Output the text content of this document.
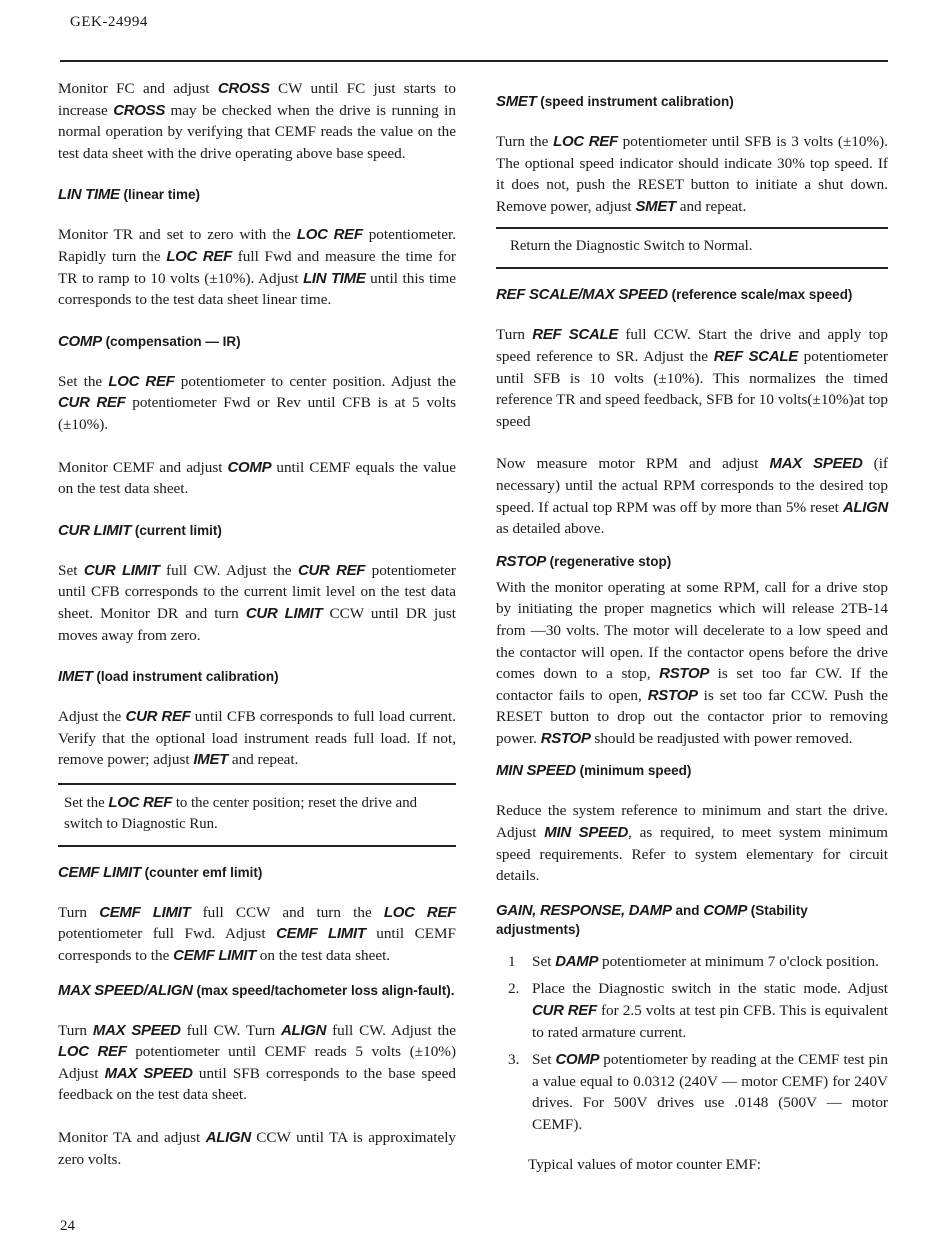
GEK-24994

Monitor FC and adjust CROSS CW until FC just starts to increase CROSS may be checked when the drive is running in normal operation by verifying that CEMF reads the value on the test data sheet with the drive operating above base speed.

LIN TIME (linear time)

Monitor TR and set to zero with the LOC REF potentiometer. Rapidly turn the LOC REF full Fwd and measure the time for TR to ramp to 10 volts (±10%). Adjust LIN TIME until this time corresponds to the test data sheet linear time.

COMP (compensation — IR)

Set the LOC REF potentiometer to center position. Adjust the CUR REF potentiometer Fwd or Rev until CFB is at 5 volts (±10%).

Monitor CEMF and adjust COMP until CEMF equals the value on the test data sheet.

CUR LIMIT (current limit)

Set CUR LIMIT full CW. Adjust the CUR REF potentiometer until CFB corresponds to the current limit level on the test data sheet. Monitor DR and turn CUR LIMIT CCW until DR just moves away from zero.

IMET (load instrument calibration)

Adjust the CUR REF until CFB corresponds to full load current. Verify that the optional load instrument reads full load. If not, remove power; adjust IMET and repeat.

Set the LOC REF to the center position; reset the drive and switch to Diagnostic Run.
CEMF LIMIT (counter emf limit)

Turn CEMF LIMIT full CCW and turn the LOC REF potentiometer full Fwd. Adjust CEMF LIMIT until CEMF corresponds to the CEMF LIMIT on the test data sheet.

MAX SPEED/ALIGN (max speed/tachometer loss align-fault).

Turn MAX SPEED full CW. Turn ALIGN full CW. Adjust the LOC REF potentiometer until CEMF reads 5 volts (±10%) Adjust MAX SPEED until SFB corresponds to the base speed feedback on the test data sheet.

Monitor TA and adjust ALIGN CCW until TA is approximately zero volts.

SMET (speed instrument calibration)

Turn the LOC REF potentiometer until SFB is 3 volts (±10%). The optional speed indicator should indicate 30% top speed. If it does not, push the RESET button to initiate a shut down. Remove power, adjust SMET and repeat.

Return the Diagnostic Switch to Normal.
REF SCALE/MAX SPEED (reference scale/max speed)

Turn REF SCALE full CCW. Start the drive and apply top speed reference to SR. Adjust the REF SCALE potentiometer until SFB is 10 volts (±10%). This normalizes the timed reference TR and speed feedback, SFB for 10 volts(±10%)at top speed

Now measure motor RPM and adjust MAX SPEED (if necessary) until the actual RPM corresponds to the desired top speed. If actual top RPM was off by more than 5% reset ALIGN as detailed above.

RSTOP (regenerative stop)

With the monitor operating at some RPM, call for a drive stop by initiating the proper magnetics which will release 2TB-14 from —30 volts. The motor will decelerate to a low speed and the contactor will open. If the contactor opens before the drive comes down to a stop, RSTOP is set too far CW. If the contactor fails to open, RSTOP is set too far CCW. Push the RESET button to drop out the contactor prior to removing power. RSTOP should be readjusted with power removed.

MIN SPEED (minimum speed)

Reduce the system reference to minimum and start the drive. Adjust MIN SPEED, as required, to meet system minimum speed requirements. Refer to system elementary for circuit details.

GAIN, RESPONSE, DAMP and COMP (Stability adjustments)
1	Set DAMP potentiometer at minimum 7 o'clock position.
2. Place the Diagnostic switch in the static mode. Adjust CUR REF for 2.5 volts at test pin CFB. This is equivalent to rated armature current.
3. Set COMP potentiometer by reading at the CEMF test pin a value equal to 0.0312 (240V — motor CEMF) for 240V drives. For 500V drives use .0148 (500V — motor CEMF).

Typical values of motor counter EMF:

24
